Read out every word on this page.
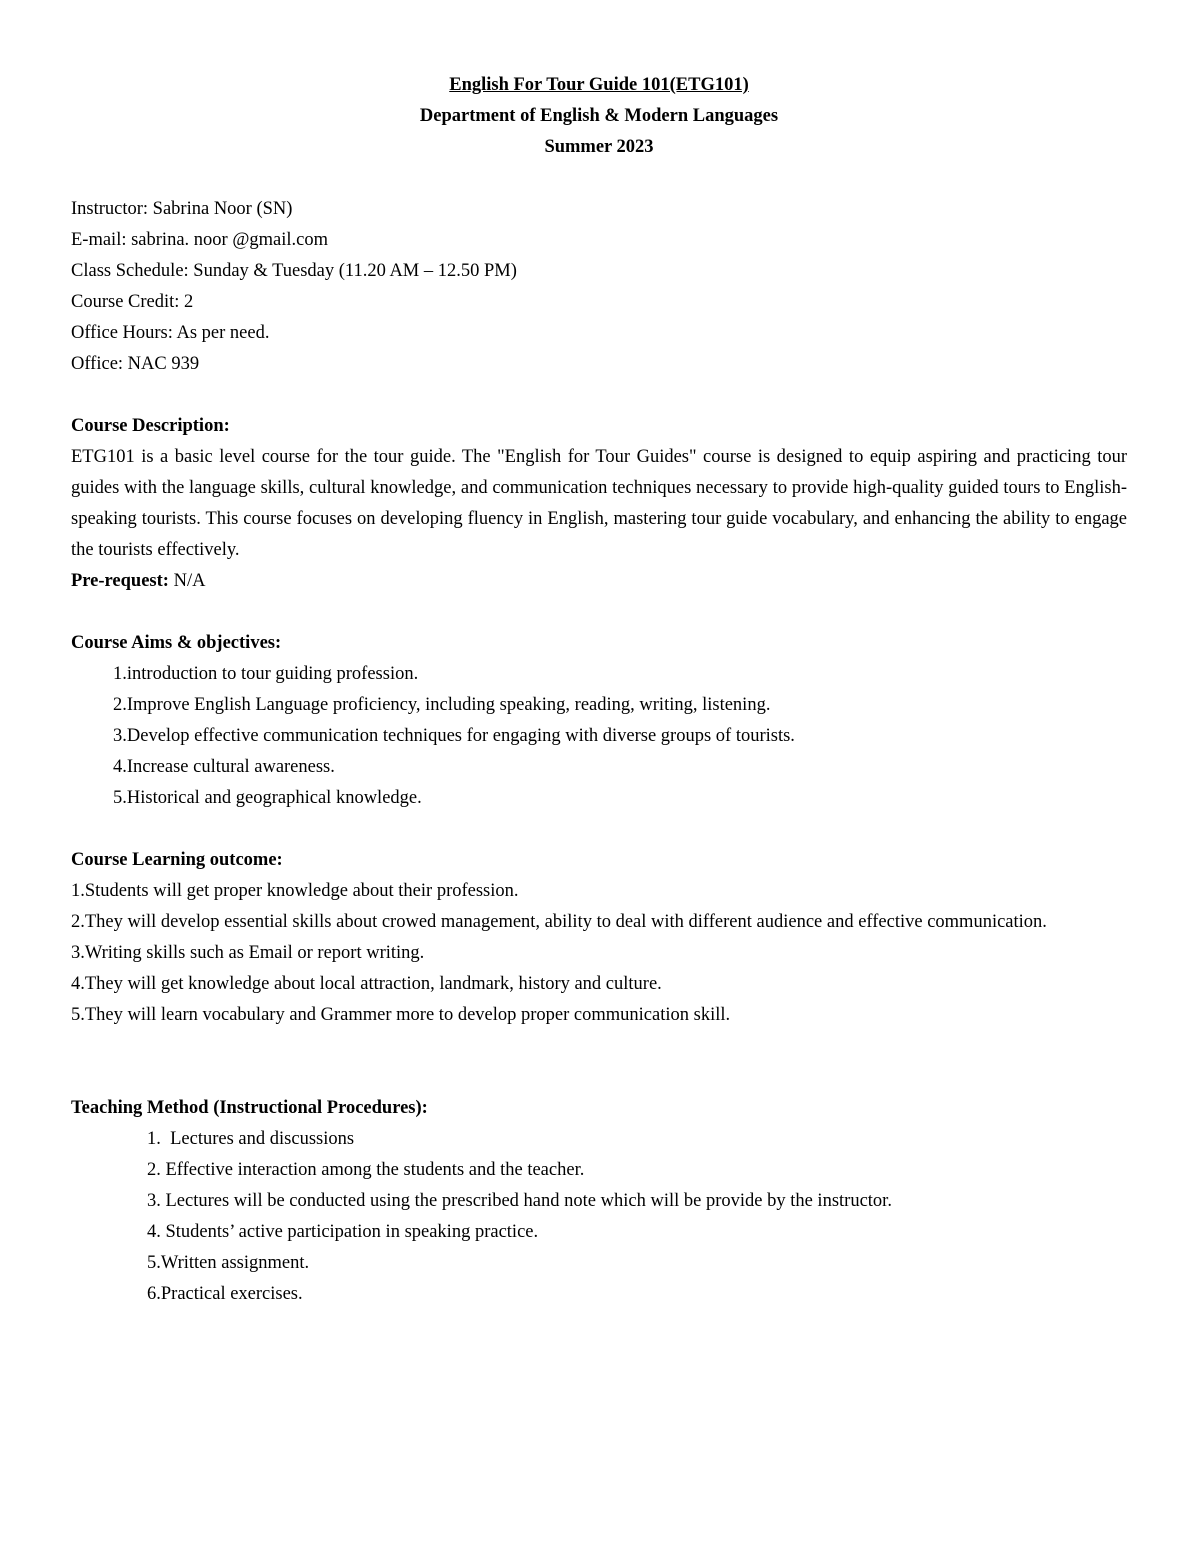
English For Tour Guide 101(ETG101)
Department of English & Modern Languages
Summer 2023
Instructor: Sabrina Noor (SN)
E-mail: sabrina. noor @gmail.com
Class Schedule: Sunday & Tuesday (11.20 AM – 12.50 PM)
Course Credit: 2
Office Hours: As per need.
Office: NAC 939
Course Description:
ETG101 is a basic level course for the tour guide. The "English for Tour Guides" course is designed to equip aspiring and practicing tour guides with the language skills, cultural knowledge, and communication techniques necessary to provide high-quality guided tours to English-speaking tourists. This course focuses on developing fluency in English, mastering tour guide vocabulary, and enhancing the ability to engage the tourists effectively.
Pre-request: N/A
Course Aims & objectives:
1.introduction to tour guiding profession.
2.Improve English Language proficiency, including speaking, reading, writing, listening.
3.Develop effective communication techniques for engaging with diverse groups of tourists.
4.Increase cultural awareness.
5.Historical and geographical knowledge.
Course Learning outcome:
1.Students will get proper knowledge about their profession.
2.They will develop essential skills about crowed management, ability to deal with different audience and effective communication.
3.Writing skills such as Email or report writing.
4.They will get knowledge about local attraction, landmark, history and culture.
5.They will learn vocabulary and Grammer more to develop proper communication skill.
Teaching Method (Instructional Procedures):
1.  Lectures and discussions
2. Effective interaction among the students and the teacher.
3. Lectures will be conducted using the prescribed hand note which will be provide by the instructor.
4. Students’ active participation in speaking practice.
5.Written assignment.
6.Practical exercises.
